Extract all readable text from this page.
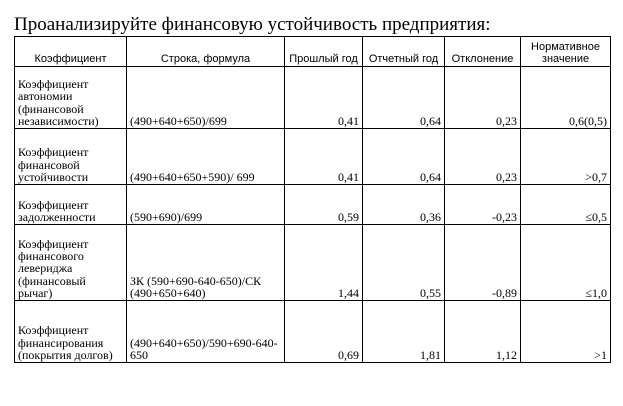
Проанализируйте финансовую устойчивость предприятия:
Коэффициент	Строка, формула	Прошлый год	Отчетный год	Отклонение	Нормативное значение
Коэффициент автономии (финансовой независимости)	(490+640+650)/699	0,41	0,64	0,23	0,6(0,5)
Коэффициент финансовой устойчивости	(490+640+650+590)/ 699	0,41	0,64	0,23	>0,7
Коэффициент задолженности	(590+690)/699	0,59	0,36	-0,23	≤0,5
Коэффициент финансового левериджа (финансовый рычаг)	ЗК (590+690-640-650)/СК (490+650+640)	1,44	0,55	-0,89	≤1,0
Коэффициент финансирования (покрытия долгов)	(490+640+650)/590+690-640-650	0,69	1,81	1,12	>1
